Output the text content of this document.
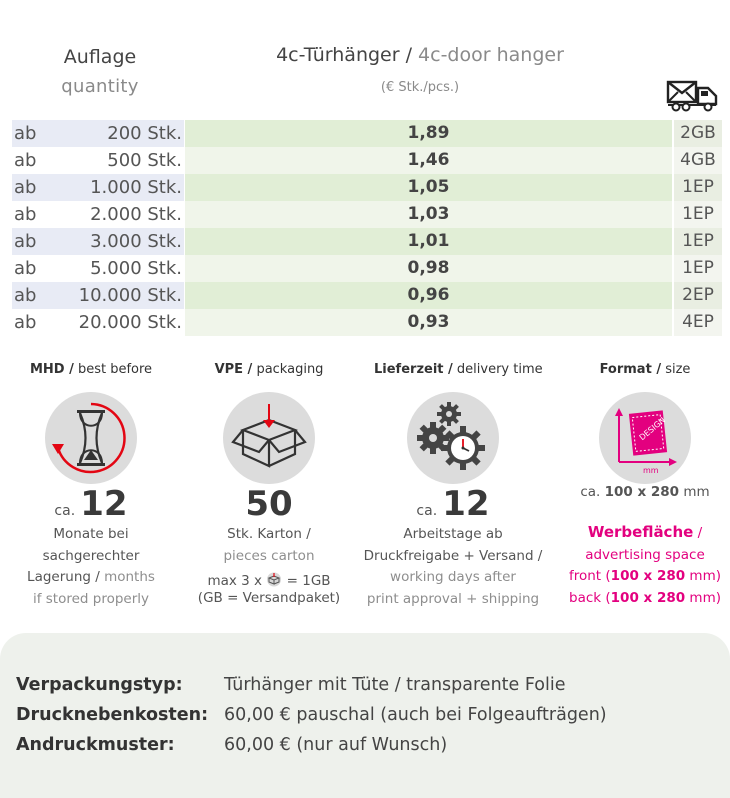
Auflage
quantity
4c-Türhänger / 4c-door hanger
(€ Stk./pcs.)
ab	200 Stk.	1,89	2GB
ab	500 Stk.	1,46	4GB
ab	1.000 Stk.	1,05	1EP
ab	2.000 Stk.	1,03	1EP
ab	3.000 Stk.	1,01	1EP
ab	5.000 Stk.	0,98	1EP
ab	10.000 Stk.	0,96	2EP
ab	20.000 Stk.	0,93	4EP
MHD / best before
ca. 12
Monate bei
sachgerechter
Lagerung / months
if stored properly
VPE / packaging
50
Stk. Karton /
pieces carton
max 3 x = 1GB
(GB = Versandpaket)
Lieferzeit / delivery time
ca. 12
Arbeitstage ab
Druckfreigabe + Versand /
working days after
print approval + shipping
Format / size
DESIGN
mm
ca. 100 x 280 mm
Werbefläche /
advertising space
front (100 x 280 mm)
back (100 x 280 mm)
Verpackungstyp: Türhänger mit Tüte / transparente Folie
Drucknebenkosten: 60,00 € pauschal (auch bei Folgeaufträgen)
Andruckmuster:	60,00 € (nur auf Wunsch)
